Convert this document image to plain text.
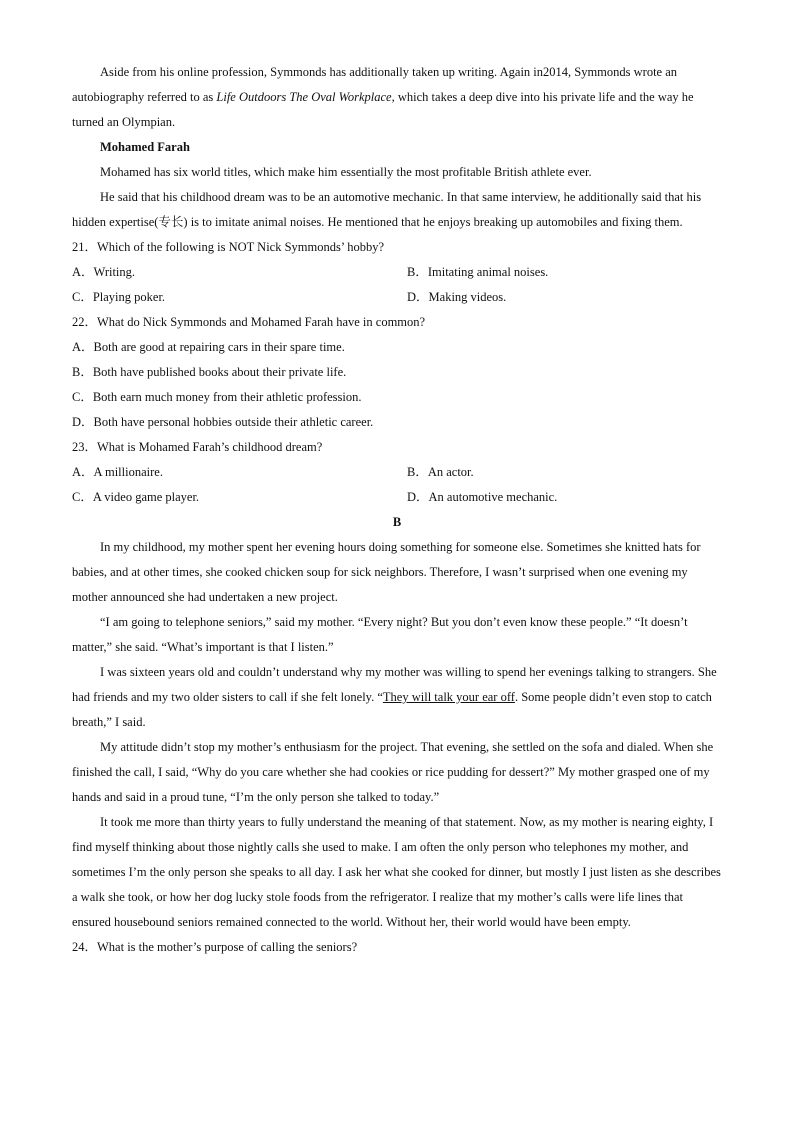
Aside from his online profession, Symmonds has additionally taken up writing. Again in2014, Symmonds wrote an autobiography referred to as Life Outdoors The Oval Workplace, which takes a deep dive into his private life and the way he turned an Olympian.

Mohamed Farah

Mohamed has six world titles, which make him essentially the most profitable British athlete ever.

He said that his childhood dream was to be an automotive mechanic. In that same interview, he additionally said that his hidden expertise(专长) is to imitate animal noises. He mentioned that he enjoys breaking up automobiles and fixing them.

21．Which of the following is NOT Nick Symmonds’ hobby?

A．Writing.	B．Imitating animal noises.
C．Playing poker.	D．Making videos.

22．What do Nick Symmonds and Mohamed Farah have in common?

A．Both are good at repairing cars in their spare time.

B．Both have published books about their private life.

C．Both earn much money from their athletic profession.

D．Both have personal hobbies outside their athletic career.

23．What is Mohamed Farah’s childhood dream?

A．A millionaire.	B．An actor.
C．A video game player.	D．An automotive mechanic.

B

In my childhood, my mother spent her evening hours doing something for someone else. Sometimes she knitted hats for babies, and at other times, she cooked chicken soup for sick neighbors. Therefore, I wasn’t surprised when one evening my mother announced she had undertaken a new project.

“I am going to telephone seniors,” said my mother. “Every night? But you don’t even know these people.” “It doesn’t matter,” she said. “What’s important is that I listen.”

I was sixteen years old and couldn’t understand why my mother was willing to spend her evenings talking to strangers. She had friends and my two older sisters to call if she felt lonely. “They will talk your ear off. Some people didn’t even stop to catch breath,” I said.

My attitude didn’t stop my mother’s enthusiasm for the project. That evening, she settled on the sofa and dialed. When she finished the call, I said, “Why do you care whether she had cookies or rice pudding for dessert?” My mother grasped one of my hands and said in a proud tune, “I’m the only person she talked to today.”

It took me more than thirty years to fully understand the meaning of that statement. Now, as my mother is nearing eighty, I find myself thinking about those nightly calls she used to make. I am often the only person who telephones my mother, and sometimes I’m the only person she speaks to all day. I ask her what she cooked for dinner, but mostly I just listen as she describes a walk she took, or how her dog lucky stole foods from the refrigerator. I realize that my mother’s calls were life lines that ensured housebound seniors remained connected to the world. Without her, their world would have been empty.

24．What is the mother’s purpose of calling the seniors?
